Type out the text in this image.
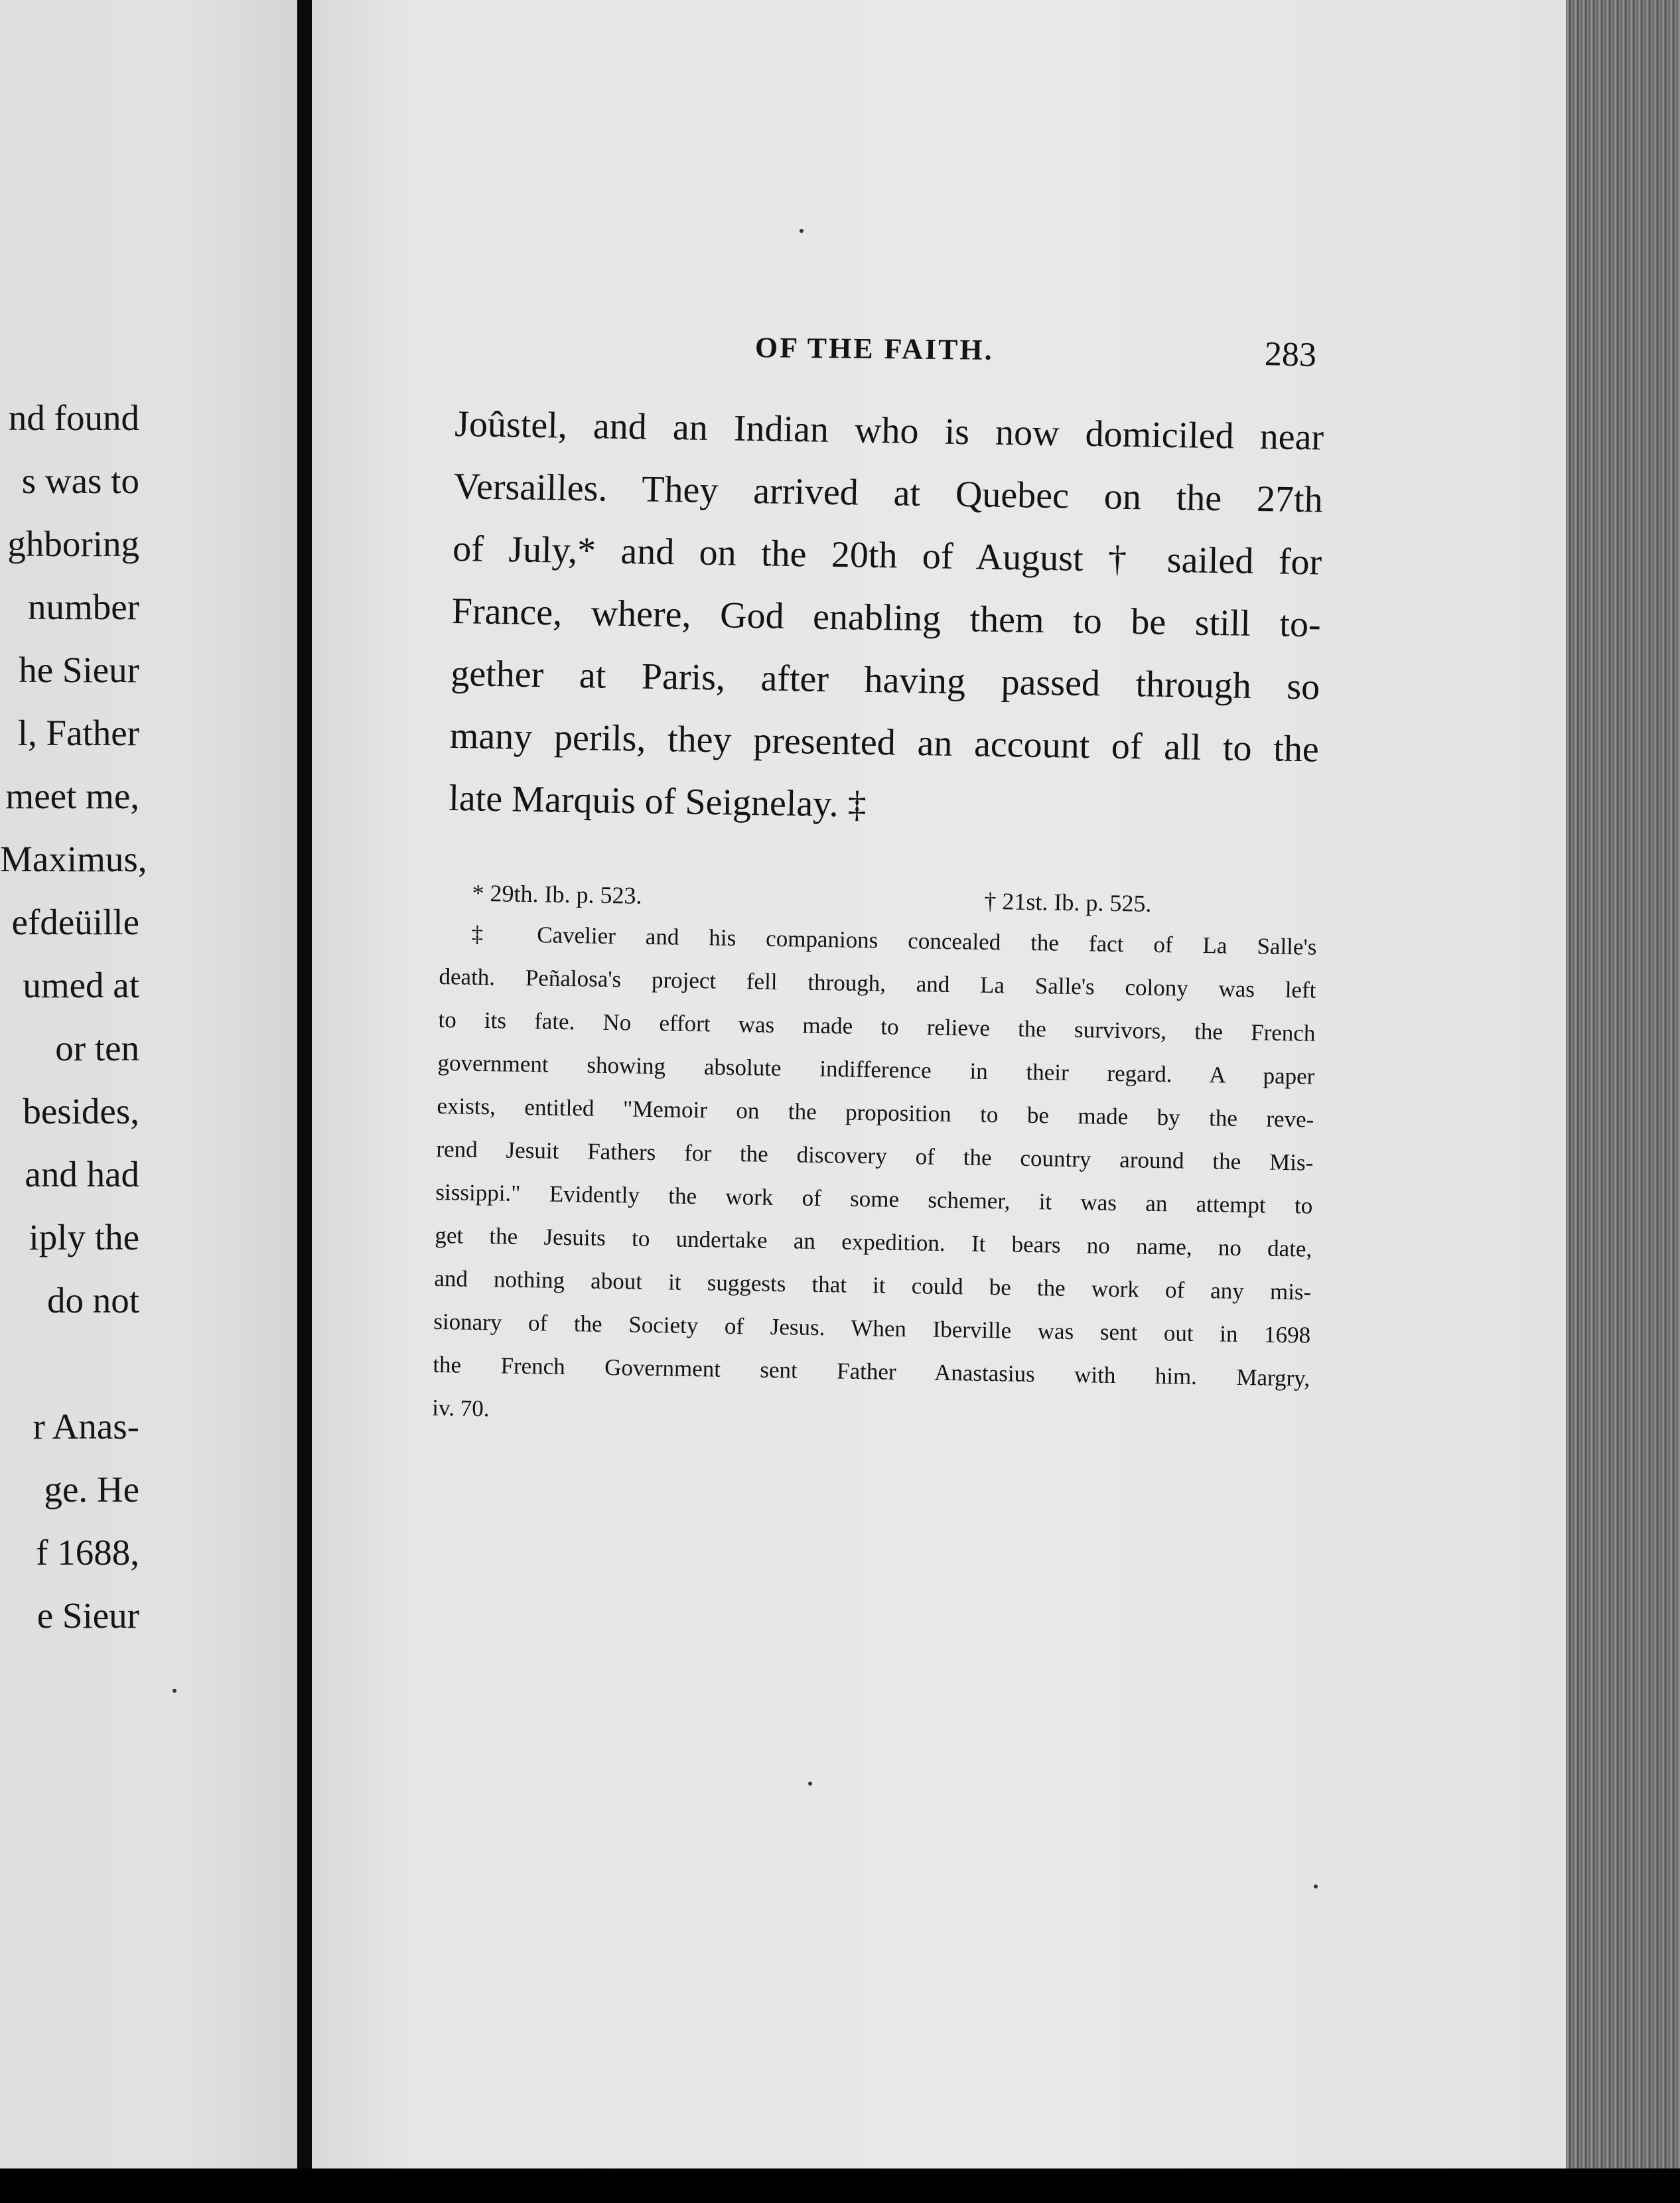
nd found
s was to
ghboring
number
he Sieur
l, Father
meet me,
Maximus,
efdeüille
umed at
or ten
besides,
and had
iply the
do not
r Anas-
ge. He
f 1688,
e Sieur
OF THE FAITH.	283

Joûstel, and an Indian who is now domiciled near

Versailles. They arrived at Quebec on the 27th

of July,* and on the 20th of August † sailed for

France, where, God enabling them to be still to-

gether at Paris, after having passed through so

many perils, they presented an account of all to the

late Marquis of Seignelay. ‡

* 29th. Ib. p. 523.	† 21st. Ib. p. 525.

‡ Cavelier and his companions concealed the fact of La Salle's

death. Peñalosa's project fell through, and La Salle's colony was left

to its fate. No effort was made to relieve the survivors, the French

government showing absolute indifference in their regard. A paper

exists, entitled "Memoir on the proposition to be made by the reve-

rend Jesuit Fathers for the discovery of the country around the Mis-

sissippi." Evidently the work of some schemer, it was an attempt to

get the Jesuits to undertake an expedition. It bears no name, no date,

and nothing about it suggests that it could be the work of any mis-

sionary of the Society of Jesus. When Iberville was sent out in 1698

the French Government sent Father Anastasius with him. Margry,

iv. 70.
